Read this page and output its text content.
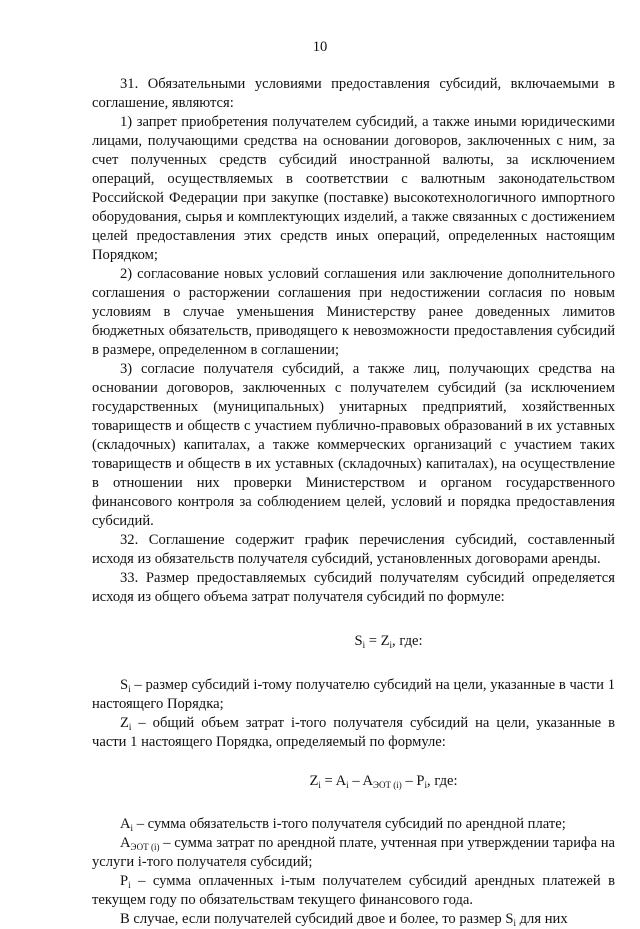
10

31. Обязательными условиями предоставления субсидий, включаемыми в соглашение, являются:

1) запрет приобретения получателем субсидий, а также иными юридическими лицами, получающими средства на основании договоров, заключенных с ним, за счет полученных средств субсидий иностранной валюты, за исключением операций, осуществляемых в соответствии с валютным законодательством Российской Федерации при закупке (поставке) высокотехнологичного импортного оборудования, сырья и комплектующих изделий, а также связанных с достижением целей предоставления этих средств иных операций, определенных настоящим Порядком;

2) согласование новых условий соглашения или заключение дополнительного соглашения о расторжении соглашения при недостижении согласия по новым условиям в случае уменьшения Министерству ранее доведенных лимитов бюджетных обязательств, приводящего к невозможности предоставления субсидий в размере, определенном в соглашении;

3) согласие получателя субсидий, а также лиц, получающих средства на основании договоров, заключенных с получателем субсидий (за исключением государственных (муниципальных) унитарных предприятий, хозяйственных товариществ и обществ с участием публично-правовых образований в их уставных (складочных) капиталах, а также коммерческих организаций с участием таких товариществ и обществ в их уставных (складочных) капиталах), на осуществление в отношении них проверки Министерством и органом государственного финансового контроля за соблюдением целей, условий и порядка предоставления субсидий.

32. Соглашение содержит график перечисления субсидий, составленный исходя из обязательств получателя субсидий, установленных договорами аренды.

33. Размер предоставляемых субсидий получателям субсидий определяется исходя из общего объема затрат получателя субсидий по формуле:

$S_i = Z_i$, где:

$S_i$ – размер субсидий i-тому получателю субсидий на цели, указанные в части 1 настоящего Порядка;

$Z_i$ – общий объем затрат i-того получателя субсидий на цели, указанные в части 1 настоящего Порядка, определяемый по формуле:

$Z_i = A_i - A_{ЭОТ (i)} - P_i$, где:

$A_i$ – сумма обязательств i-того получателя субсидий по арендной плате;

$A_{ЭОТ (i)}$ – сумма затрат по арендной плате, учтенная при утверждении тарифа на услуги i-того получателя субсидий;

$P_i$ – сумма оплаченных i-тым получателем субсидий арендных платежей в текущем году по обязательствам текущего финансового года.

В случае, если получателей субсидий двое и более, то размер $S_i$ для них
